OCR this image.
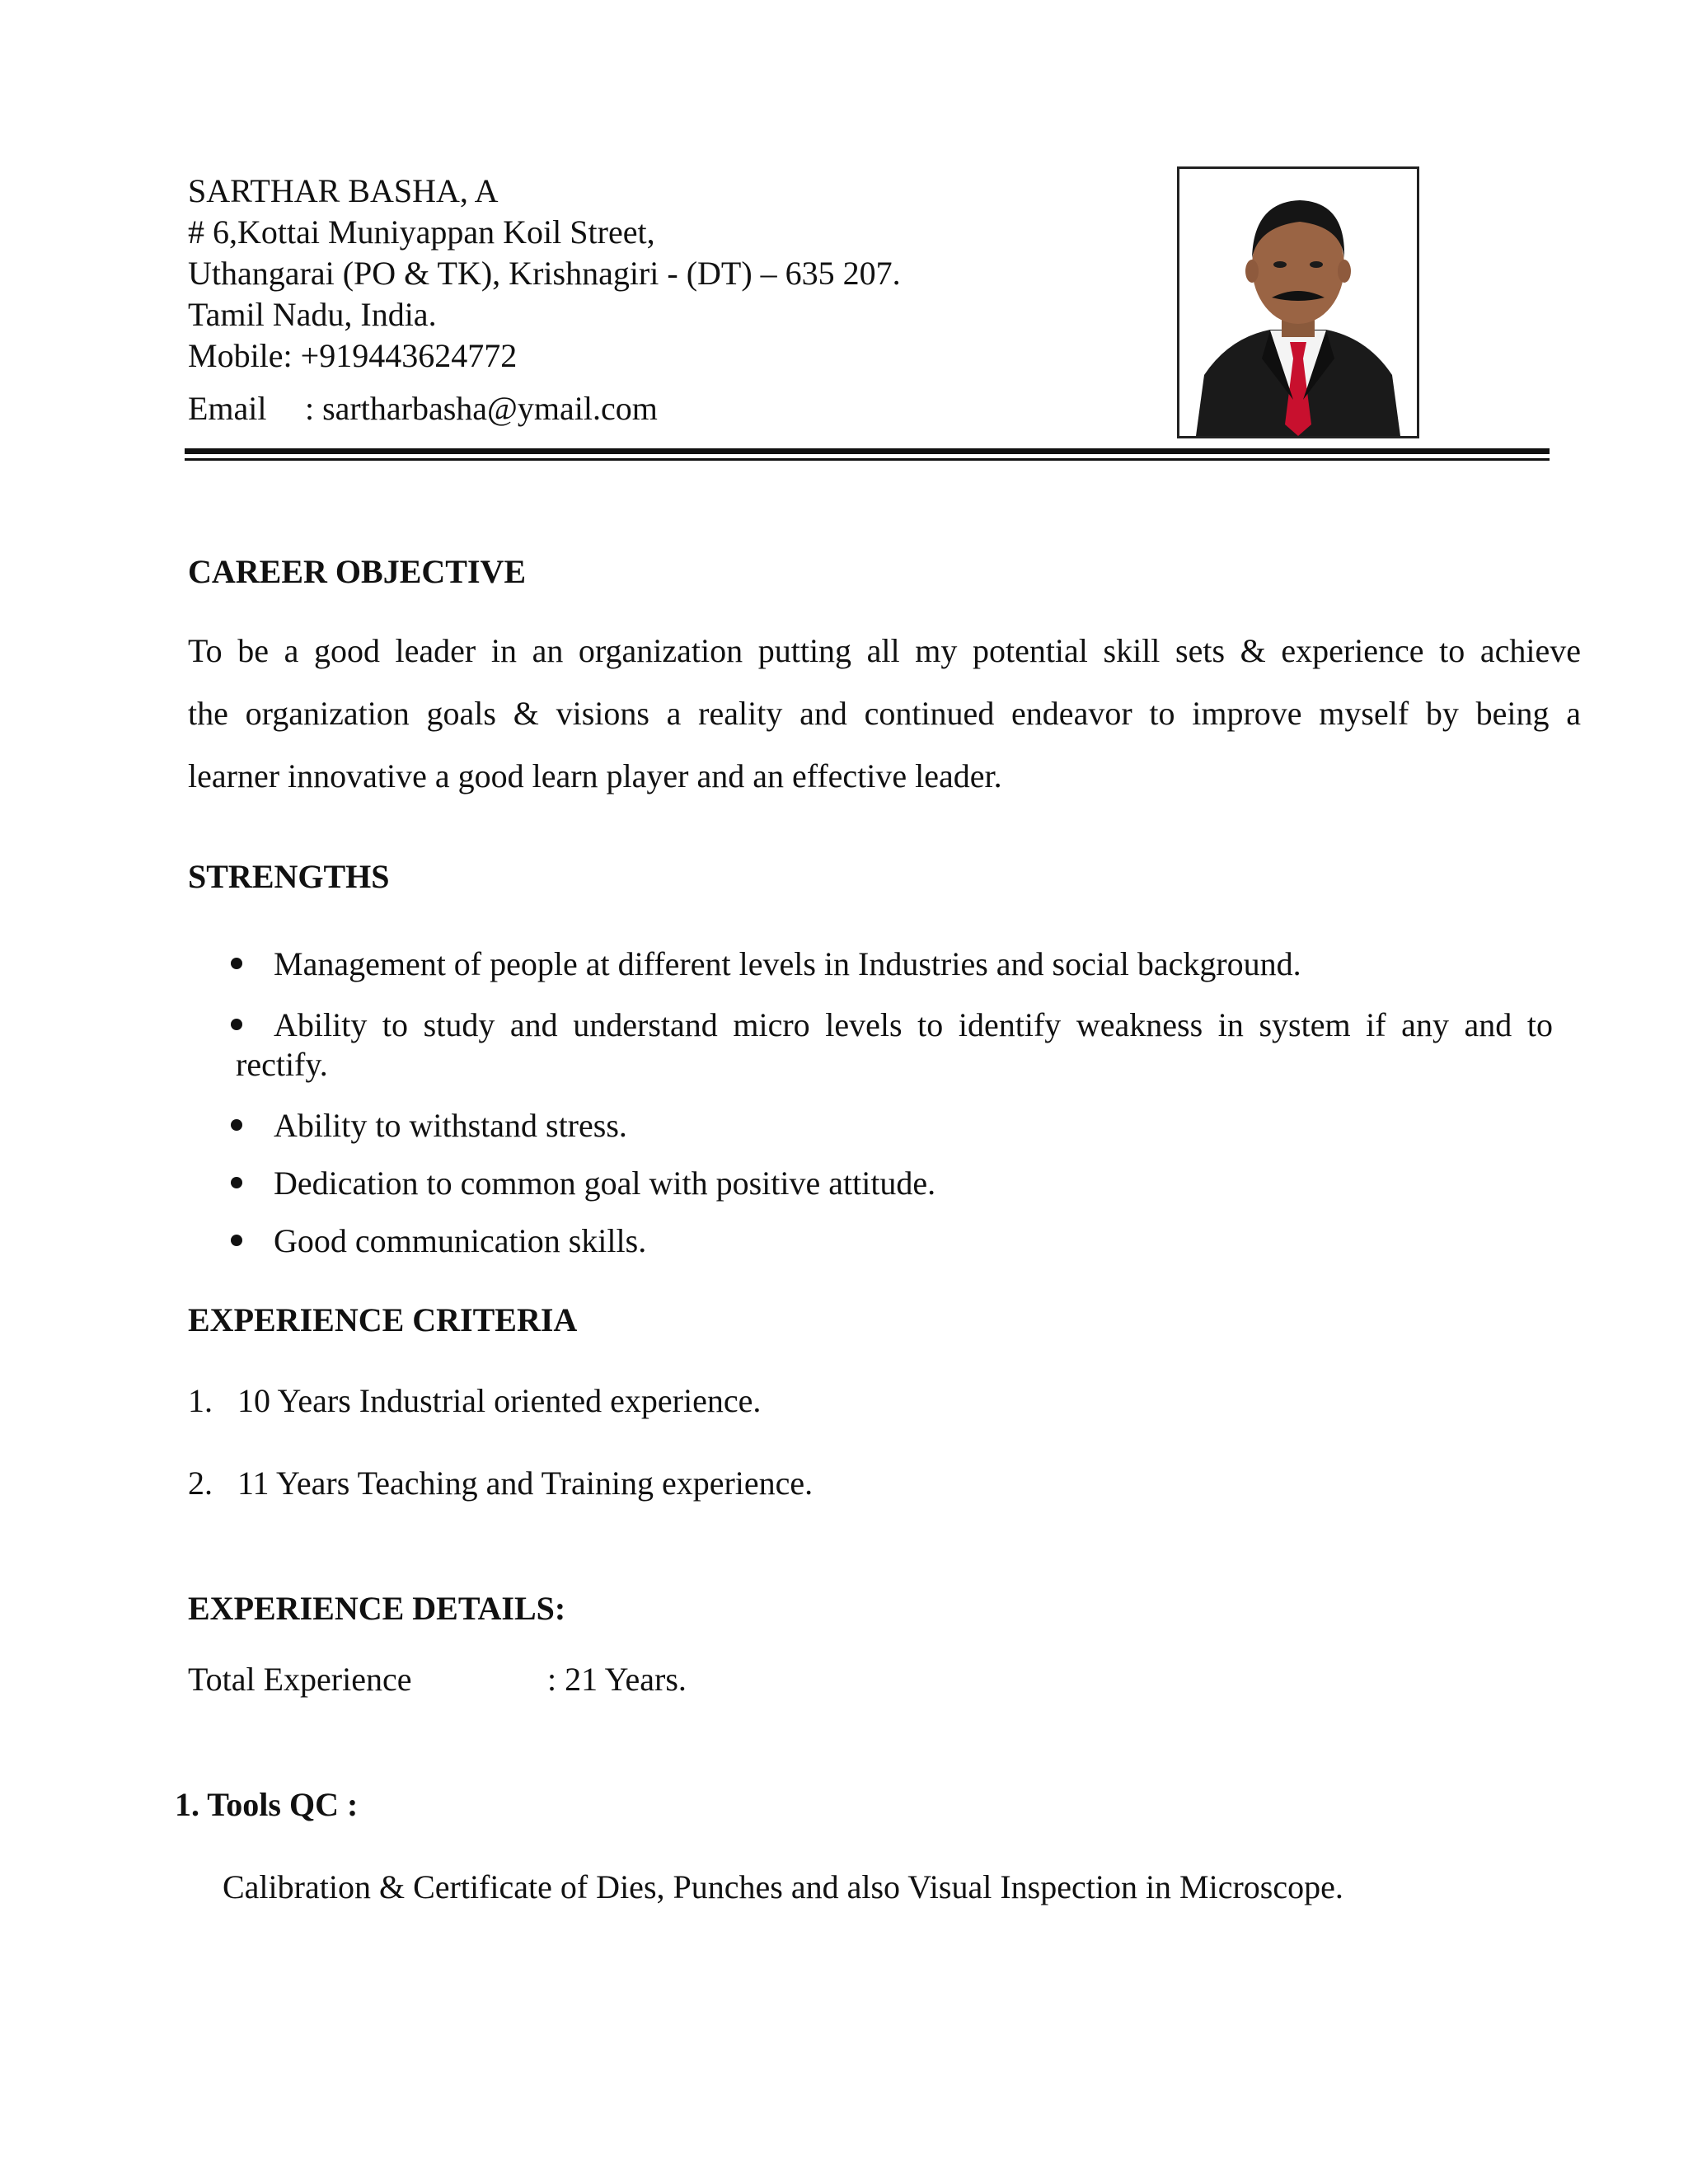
SARTHAR BASHA, A
# 6,Kottai Muniyappan Koil Street,
Uthangarai (PO & TK), Krishnagiri - (DT) – 635 207.
Tamil Nadu, India.
Mobile: +919443624772
Email : sartharbasha@ymail.com
CAREER OBJECTIVE
To be a good leader in an organization putting all my potential skill sets & experience to achieve
the organization goals & visions a reality and continued endeavor to improve myself by being a
learner innovative a good learn player and an effective leader.
STRENGTHS
Management of people at different levels in Industries and social background.
Ability to study and understand micro levels to identify weakness in system if any and to
rectify.
Ability to withstand stress.
Dedication to common goal with positive attitude.
Good communication skills.
EXPERIENCE CRITERIA
1. 10 Years Industrial oriented experience.
2. 11 Years Teaching and Training experience.
EXPERIENCE DETAILS:
Total Experience	: 21 Years.
1. Tools QC :
Calibration & Certificate of Dies, Punches and also Visual Inspection in Microscope.
